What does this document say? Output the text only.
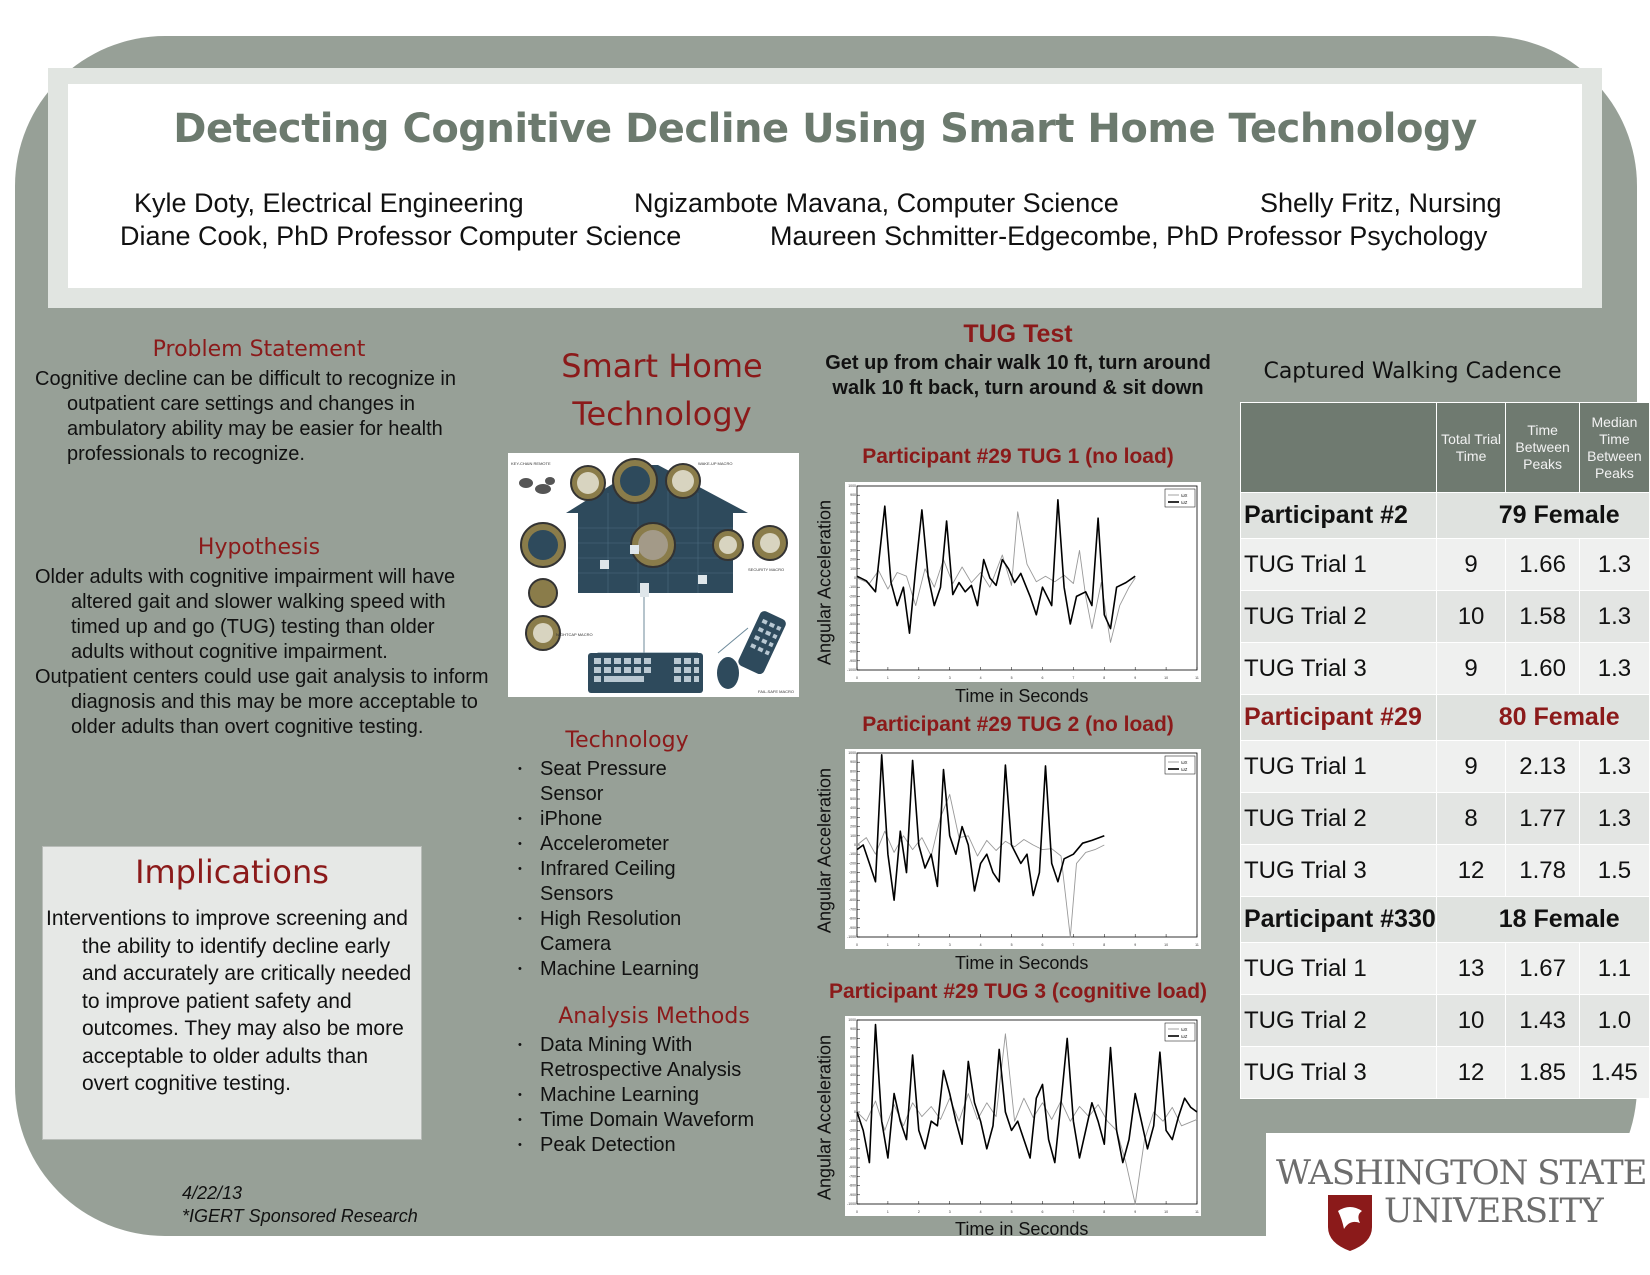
Detecting Cognitive Decline Using Smart Home Technology
Kyle Doty, Electrical Engineering	Ngizambote Mavana, Computer Science	Shelly Fritz, Nursing
Diane Cook, PhD Professor Computer Science	Maureen Schmitter-Edgecombe, PhD Professor Psychology
Problem Statement

Cognitive decline can be difficult to recognize in outpatient care settings and changes in ambulatory ability may be easier for health professionals to recognize.

Hypothesis

Older adults with cognitive impairment will have altered gait and slower walking speed with timed up and go (TUG) testing than older adults without cognitive impairment.

Outpatient centers could use gait analysis to inform diagnosis and this may be more acceptable to older adults than overt cognitive testing.

Implications

Interventions to improve screening and the ability to identify decline early and accurately are critically needed to improve patient safety and outcomes. They may also be more acceptable to older adults than overt cognitive testing.

4/22/13
*IGERT Sponsored Research
Smart Home Technology
KEY-CHAIN REMOTE	WAKE-UP MACRO
SECURITY MACRO
NIGHTCAP MACRO
FAIL-SAFE MACRO
Technology
• Seat Pressure Sensor
• iPhone
• Accelerometer
• Infrared Ceiling Sensors
• High Resolution Camera
• Machine Learning
Analysis Methods
• Data Mining With Retrospective Analysis
• Machine Learning
• Time Domain Waveform
• Peak Detection
TUG Test
Get up from chair walk 10 ft, turn around
walk 10 ft back, turn around & sit down
Participant #29 TUG 1 (no load)
0	1	2	3	4	5	6	7	8	9	10	11
-1000
-900
-800
-700
-600
-500
-400
-300
-200
-100
0
100
200
300
400
500
600
700
800
900
1000
ωx
ωz
Angular Acceleration
Time in Seconds
Participant #29 TUG 2 (no load)
0	1	2	3	4	5	6	7	8	9	10	11
-1000
-900
-800
-700
-600
-500
-400
-300
-200
-100
0
100
200
300
400
500
600
700
800
900
1000
ωx
ωz
Angular Acceleration
Time in Seconds
Participant #29 TUG 3 (cognitive load)
0	1	2	3	4	5	6	7	8	9	10	11
-1000
-900
-800
-700
-600
-500
-400
-300
-200
-100
0
100
200
300
400
500
600
700
800
900
1000
ωx
ωz
Angular Acceleration
Time in Seconds
Captured Walking Cadence
	Total Trial Time	Time Between Peaks	Median Time Between Peaks
Participant #2	79 Female		
TUG Trial 1	9	1.66	1.3
TUG Trial 2	10	1.58	1.3
TUG Trial 3	9	1.60	1.3
Participant #29	80 Female		
TUG Trial 1	9	2.13	1.3
TUG Trial 2	8	1.77	1.3
TUG Trial 3	12	1.78	1.5
Participant #330	18 Female		
TUG Trial 1	13	1.67	1.1
TUG Trial 2	10	1.43	1.0
TUG Trial 3	12	1.85	1.45
WASHINGTON STATE
UNIVERSITY
